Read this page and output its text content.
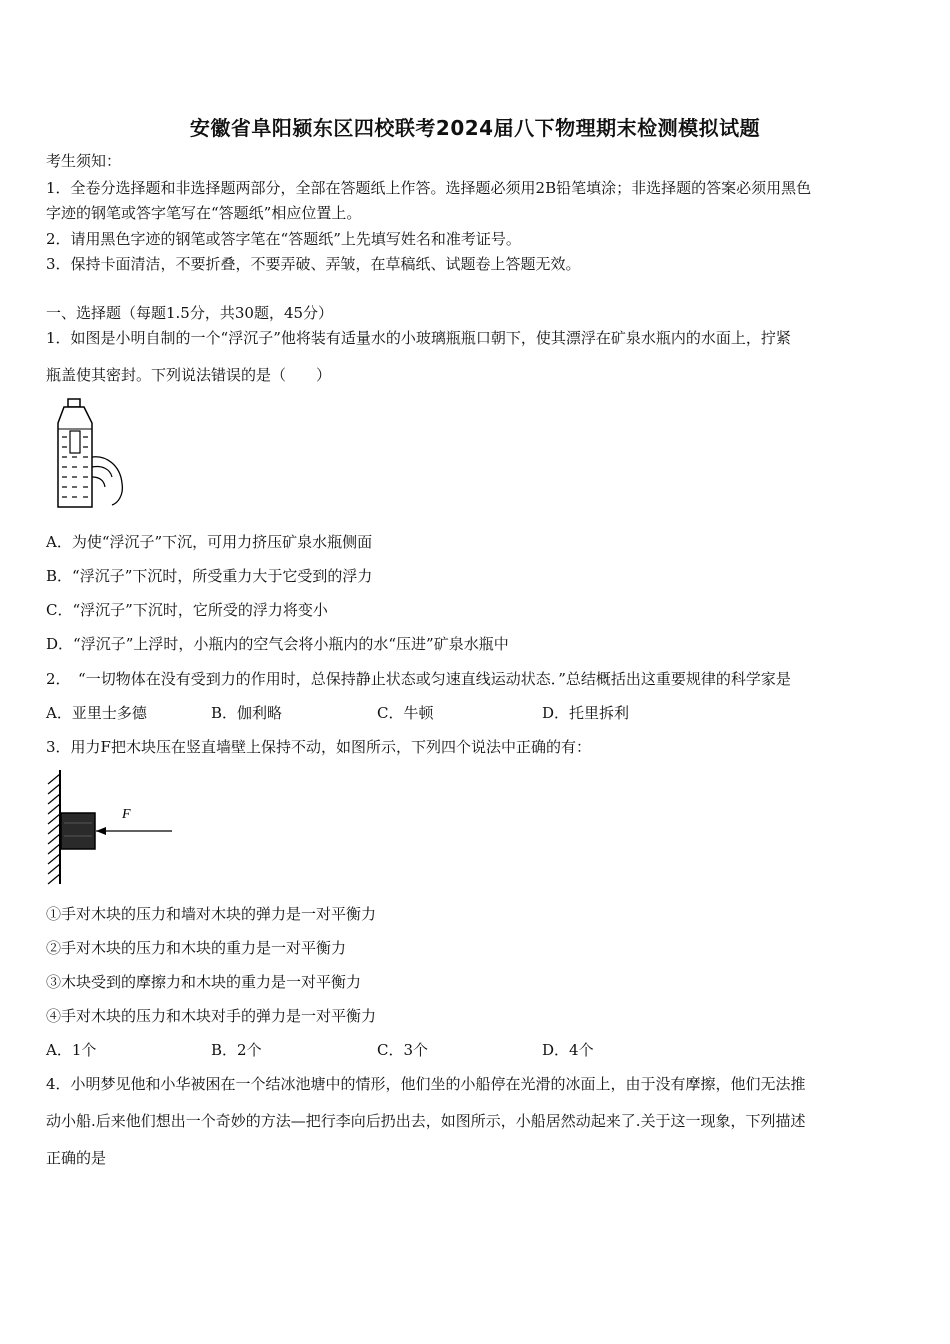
安徽省阜阳颍东区四校联考2024届八下物理期末检测模拟试题
考生须知：
1．全卷分选择题和非选择题两部分，全部在答题纸上作答。选择题必须用2B铅笔填涂；非选择题的答案必须用黑色
字迹的钢笔或答字笔写在“答题纸”相应位置上。
2．请用黑色字迹的钢笔或答字笔在“答题纸”上先填写姓名和准考证号。
3．保持卡面清洁，不要折叠，不要弄破、弄皱，在草稿纸、试题卷上答题无效。
一、选择题（每题1.5分，共30题，45分）
1．如图是小明自制的一个“浮沉子”他将装有适量水的小玻璃瓶瓶口朝下，使其漂浮在矿泉水瓶内的水面上，拧紧
瓶盖使其密封。下列说法错误的是（　　）
A．为使“浮沉子”下沉，可用力挤压矿泉水瓶侧面
B．“浮沉子”下沉时，所受重力大于它受到的浮力
C．“浮沉子”下沉时，它所受的浮力将变小
D．“浮沉子”上浮时，小瓶内的空气会将小瓶内的水“压进”矿泉水瓶中
2．　“一切物体在没有受到力的作用时，总保持静止状态或匀速直线运动状态．”总结概括出这重要规律的科学家是
A．亚里士多德	B．伽利略	C．牛顿	D．托里拆利
3．用力F把木块压在竖直墙壁上保持不动，如图所示，下列四个说法中正确的有：
F
①手对木块的压力和墙对木块的弹力是一对平衡力
②手对木块的压力和木块的重力是一对平衡力
③木块受到的摩擦力和木块的重力是一对平衡力
④手对木块的压力和木块对手的弹力是一对平衡力
A．1个	B．2个	C．3个	D．4个
4．小明梦见他和小华被困在一个结冰池塘中的情形，他们坐的小船停在光滑的冰面上，由于没有摩擦，他们无法推
动小船.后来他们想出一个奇妙的方法—把行李向后扔出去，如图所示，小船居然动起来了.关于这一现象，下列描述
正确的是
